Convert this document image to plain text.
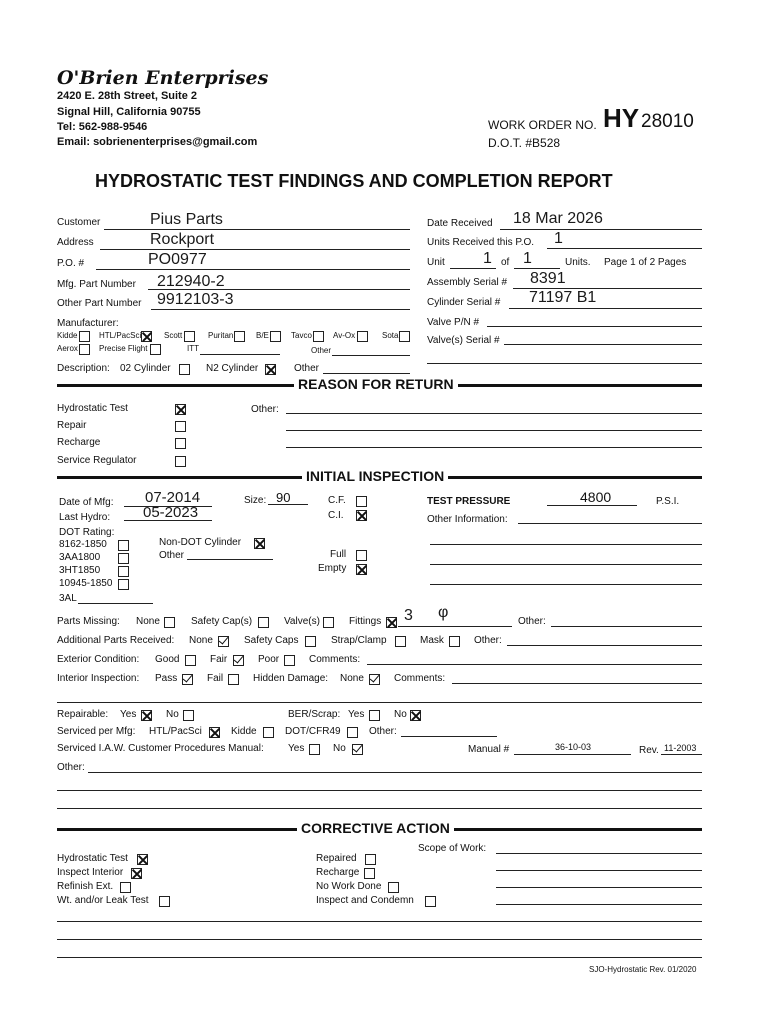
O'Brien Enterprises
2420 E. 28th Street, Suite 2
Signal Hill, California 90755
Tel: 562-988-9546
Email: sobrienenterprises@gmail.com
WORK ORDER NO. HY 28010
D.O.T. #B528
HYDROSTATIC TEST FINDINGS AND COMPLETION REPORT
Customer	Pius Parts
Address	Rockport
P.O. #	PO0977
Mfg. Part Number 212940-2
Other Part Number 9912103-3
Manufacturer:
Kidde	HTL/PacSci	Scott	Puritan	B/E	Tavco	Av-Ox	Sota
Aerox	Precise Flight	ITT	Other
Description: 02 Cylinder	N2 Cylinder	Other
Date Received 18 Mar 2026
Units Received this P.O. 1
Unit 1 of 1	Units. Page 1 of 2 Pages
Assembly Serial # 8391
Cylinder Serial # 71197 B1
Valve P/N #
Valve(s) Serial #
REASON FOR RETURN
Hydrostatic Test
Repair
Recharge
Service Regulator
Other:
INITIAL INSPECTION
Date of Mfg: 07-2014
Last Hydro: 05-2023
Size: 90	C.F.
C.I.
TEST PRESSURE	4800	P.S.I.
Other Information:
DOT Rating:
8162-1850
3AA1800
3HT1850
10945-1850
3AL
Non-DOT Cylinder
Other	Full
Empty
Parts Missing: None	Safety Cap(s)	Valve(s)	Fittings 3 φ
Other:
Additional Parts Received: None	Safety Caps	Strap/Clamp	Mask	Other:
Exterior Condition: Good	Fair	Poor	Comments:
Interior Inspection: Pass	Fail	Hidden Damage: None	Comments:
Repairable: Yes	No	BER/Scrap: Yes	No
Serviced per Mfg: HTL/PacSci	Kidde	DOT/CFR49	Other:
Serviced I.A.W. Customer Procedures Manual: Yes	No	Manual #	36-10-03	Rev. 11-2003
Other:
CORRECTIVE ACTION
Scope of Work:
Hydrostatic Test
Inspect Interior
Refinish Ext.
Wt. and/or Leak Test
Repaired
Recharge
No Work Done
Inspect and Condemn
SJO-Hydrostatic Rev. 01/2020
